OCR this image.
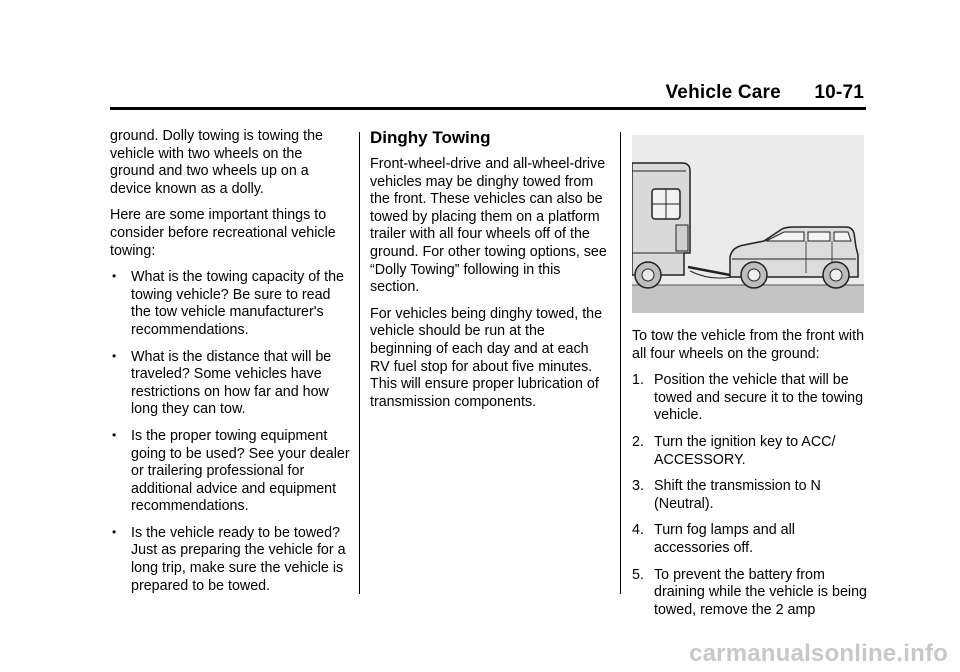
Vehicle Care 10-71

ground. Dolly towing is towing the vehicle with two wheels on the ground and two wheels up on a device known as a dolly.

Here are some important things to consider before recreational vehicle towing:

• What is the towing capacity of the towing vehicle? Be sure to read the tow vehicle manufacturer's recommendations.
• What is the distance that will be traveled? Some vehicles have restrictions on how far and how long they can tow.
• Is the proper towing equipment going to be used? See your dealer or trailering professional for additional advice and equipment recommendations.
• Is the vehicle ready to be towed? Just as preparing the vehicle for a long trip, make sure the vehicle is prepared to be towed.
Dinghy Towing

Front-wheel-drive and all-wheel-drive vehicles may be dinghy towed from the front. These vehicles can also be towed by placing them on a platform trailer with all four wheels off of the ground. For other towing options, see “Dolly Towing” following in this section.

For vehicles being dinghy towed, the vehicle should be run at the beginning of each day and at each RV fuel stop for about five minutes. This will ensure proper lubrication of transmission components.

To tow the vehicle from the front with all four wheels on the ground:

1. Position the vehicle that will be towed and secure it to the towing vehicle.
2. Turn the ignition key to ACC/ ACCESSORY.
3. Shift the transmission to N (Neutral).
4. Turn fog lamps and all accessories off.
5. To prevent the battery from draining while the vehicle is being towed, remove the 2 amp
carmanualsonline.info
